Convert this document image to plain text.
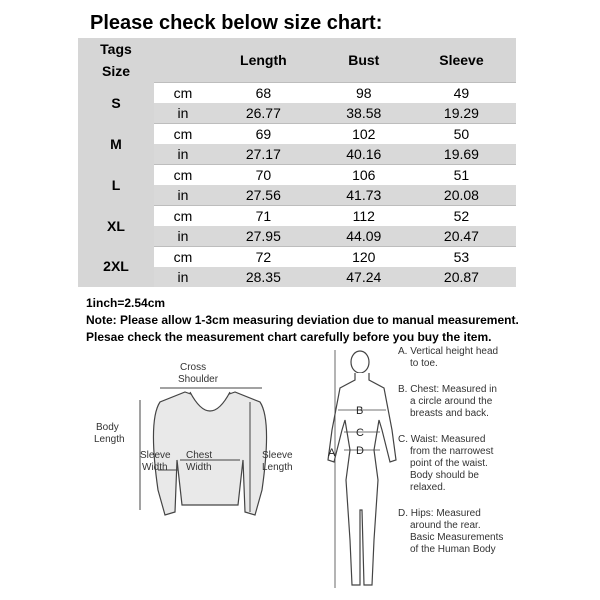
Please check below size chart:
Tags
Size		Length	Bust	Sleeve
S	cm	68	98	49
	in	26.77	38.58	19.29
M	cm	69	102	50
	in	27.17	40.16	19.69
L	cm	70	106	51
	in	27.56	41.73	20.08
XL	cm	71	112	52
	in	27.95	44.09	20.47
2XL	cm	72	120	53
	in	28.35	47.24	20.87
1inch=2.54cm
Note: Please allow 1-3cm measuring deviation due to manual measurement.
Plesae check the measurement chart carefully before you buy the item.
Cross
Shoulder
Body
Length
Sleeve
Width
Chest
Width
Sleeve
Length
A
B
C
D
A. Vertical height head
to toe.
B. Chest: Measured in
a circle around the
breasts and back.
C. Waist: Measured
from the narrowest
point of the waist.
Body should be
relaxed.
D. Hips: Measured
around the rear.
Basic Measurements
of the Human Body
